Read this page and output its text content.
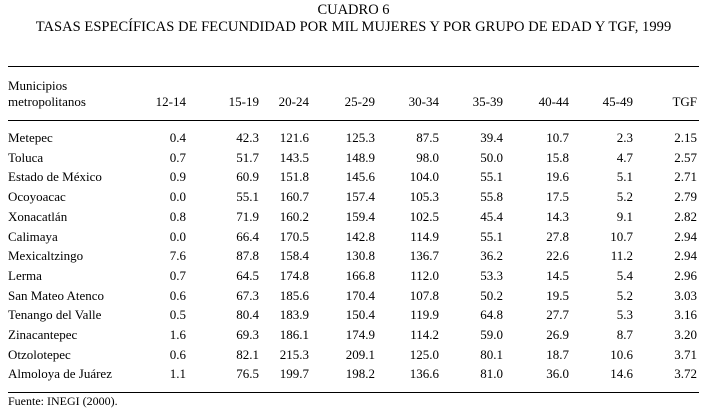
CUADRO 6
TASAS ESPECÍFICAS DE FECUNDIDAD POR MIL MUJERES Y POR GRUPO DE EDAD Y TGF, 1999
Municipios
metropolitanos	12-14	15-19	20-24	25-29	30-34	35-39	40-44	45-49	TGF
Metepec	0.4	42.3	121.6	125.3	87.5	39.4	10.7	2.3	2.15
Toluca	0.7	51.7	143.5	148.9	98.0	50.0	15.8	4.7	2.57
Estado de México	0.9	60.9	151.8	145.6	104.0	55.1	19.6	5.1	2.71
Ocoyoacac	0.0	55.1	160.7	157.4	105.3	55.8	17.5	5.2	2.79
Xonacatlán	0.8	71.9	160.2	159.4	102.5	45.4	14.3	9.1	2.82
Calimaya	0.0	66.4	170.5	142.8	114.9	55.1	27.8	10.7	2.94
Mexicaltzingo	7.6	87.8	158.4	130.8	136.7	36.2	22.6	11.2	2.94
Lerma	0.7	64.5	174.8	166.8	112.0	53.3	14.5	5.4	2.96
San Mateo Atenco	0.6	67.3	185.6	170.4	107.8	50.2	19.5	5.2	3.03
Tenango del Valle	0.5	80.4	183.9	150.4	119.9	64.8	27.7	5.3	3.16
Zinacantepec	1.6	69.3	186.1	174.9	114.2	59.0	26.9	8.7	3.20
Otzolotepec	0.6	82.1	215.3	209.1	125.0	80.1	18.7	10.6	3.71
Almoloya de Juárez	1.1	76.5	199.7	198.2	136.6	81.0	36.0	14.6	3.72
Fuente: INEGI (2000).
